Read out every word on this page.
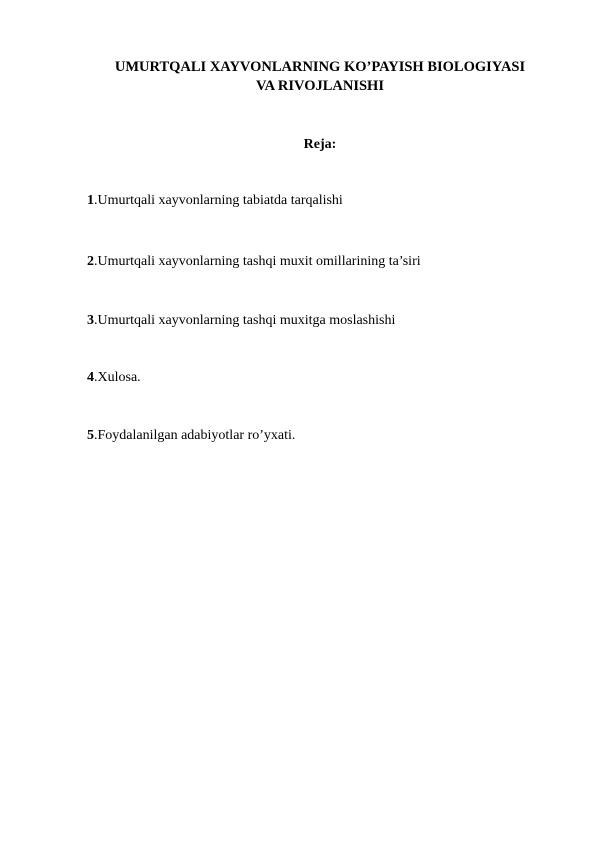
UMURTQALI XAYVONLARNING KO’PAYISH BIOLOGIYASI
VA RIVOJLANISHI
Reja:
1.Umurtqali xayvonlarning tabiatda tarqalishi
2.Umurtqali xayvonlarning tashqi muxit omillarining ta’siri
3.Umurtqali xayvonlarning tashqi muxitga moslashishi
4.Xulosa.
5.Foydalanilgan adabiyotlar ro’yxati.
